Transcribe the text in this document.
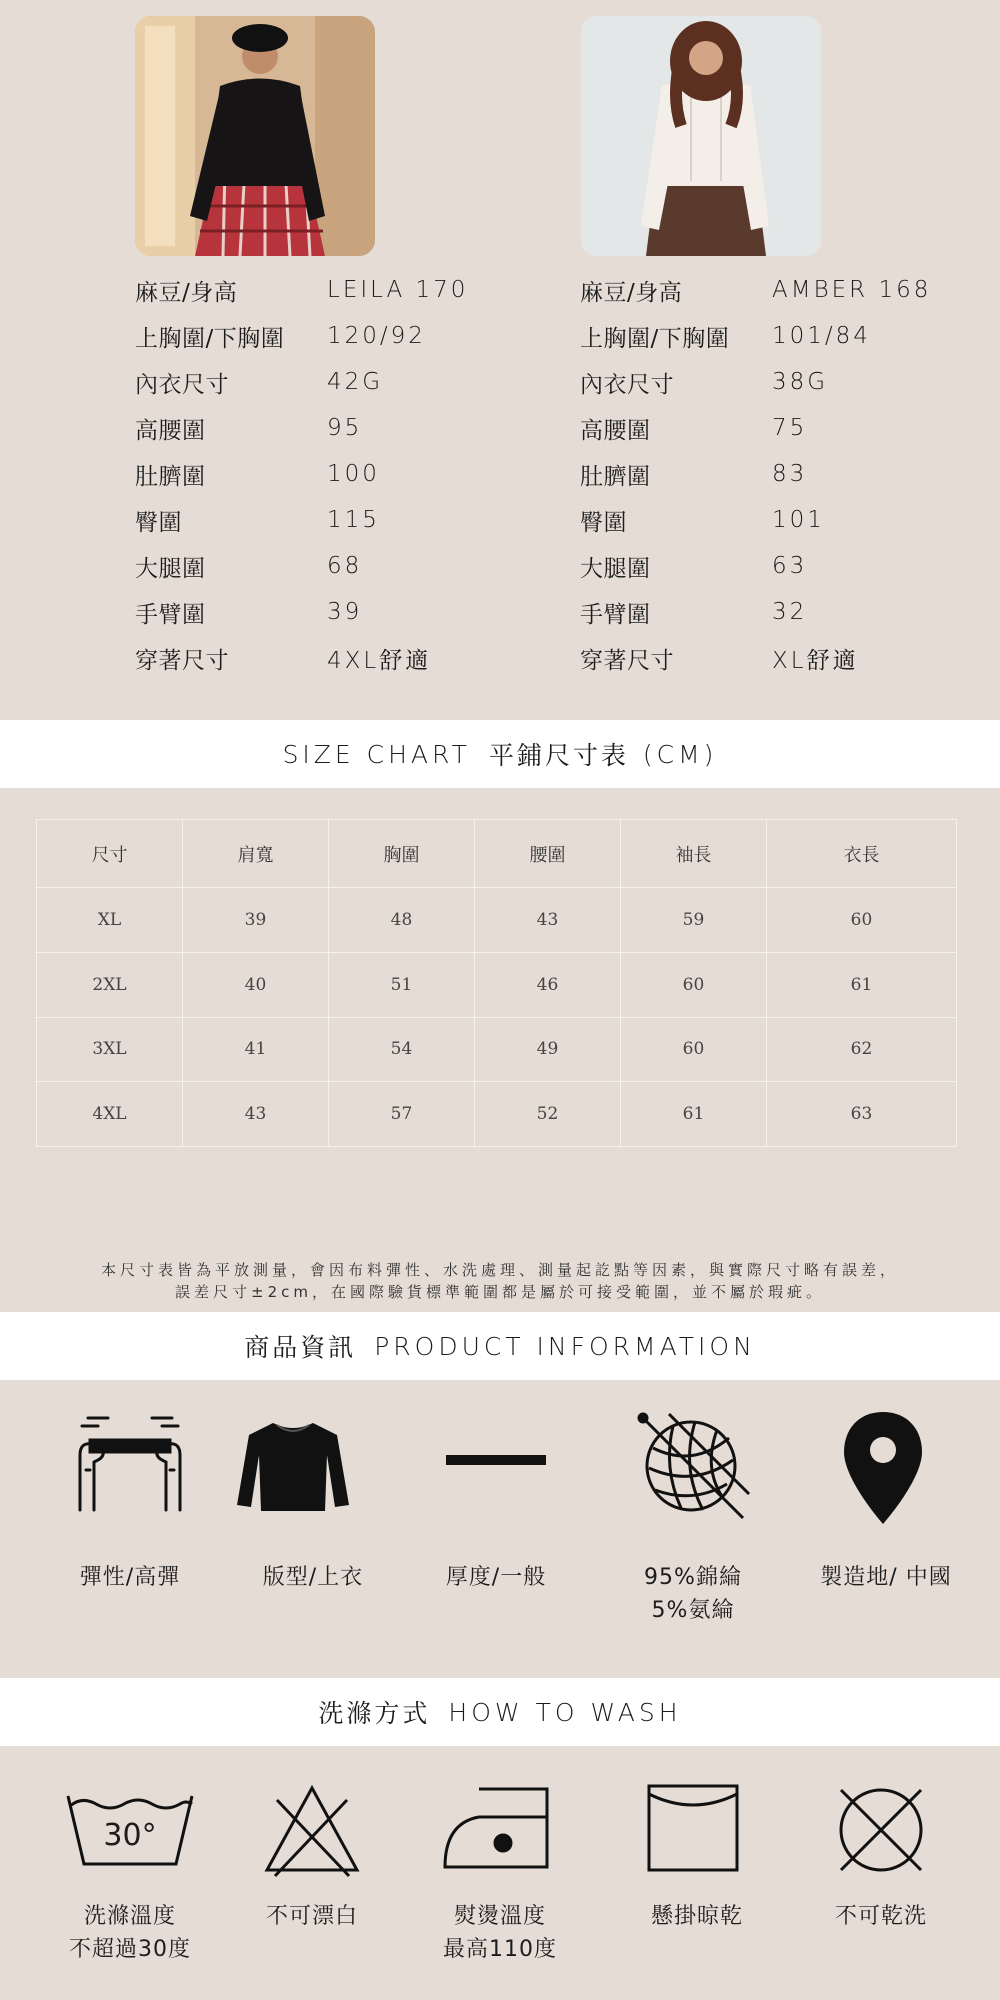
麻豆/身高	LEILA 170
上胸圍/下胸圍	120/92
內衣尺寸	42G
高腰圍	95
肚臍圍	100
臀圍	115
大腿圍	68
手臂圍	39
穿著尺寸	4XL舒適
麻豆/身高	AMBER 168
上胸圍/下胸圍	101/84
內衣尺寸	38G
高腰圍	75
肚臍圍	83
臀圍	101
大腿圍	63
手臂圍	32
穿著尺寸	XL舒適
SIZE CHART 平鋪尺寸表 (CM)
尺寸	肩寬	胸圍	腰圍	袖長	衣長
XL	39	48	43	59	60
2XL	40	51	46	60	61
3XL	41	54	49	60	62
4XL	43	57	52	61	63
本尺寸表皆為平放測量，會因布料彈性、水洗處理、測量起訖點等因素，與實際尺寸略有誤差，
誤差尺寸±2cm，在國際驗貨標準範圍都是屬於可接受範圍，並不屬於瑕疵。
商品資訊 PRODUCT INFORMATION
彈性/高彈	版型/上衣	厚度/一般	95%錦綸
5%氨綸
製造地/ 中國
洗滌方式 HOW TO WASH
30°
洗滌溫度
不超過30度
不可漂白	熨燙溫度
最高110度
懸掛晾乾	不可乾洗
